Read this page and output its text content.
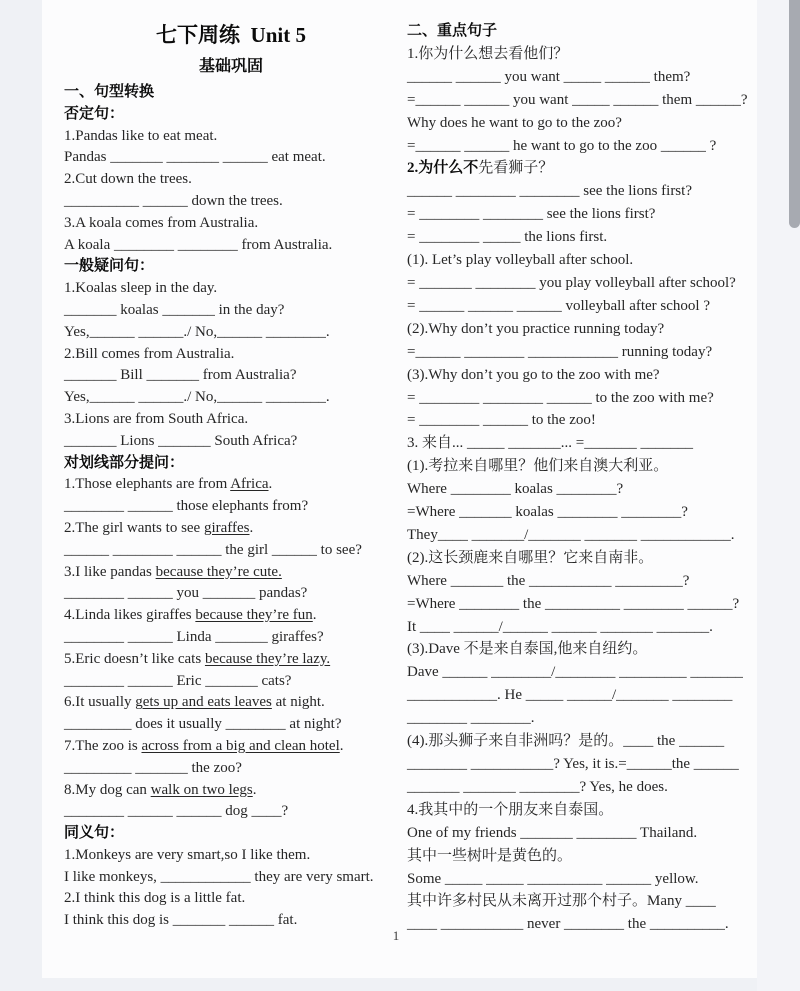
七下周练  Unit 5
基础巩固
一、句型转换
否定句：
1.Pandas like to eat meat.
Pandas _______ _______ ______ eat meat.
2.Cut down the trees.
__________ ______ down the trees.
3.A koala comes from Australia.
A koala ________ ________ from Australia.
一般疑问句：
1.Koalas sleep in the day.
_______ koalas _______ in the day?
Yes,______ ______./ No,______ ________.
2.Bill comes from Australia.
_______ Bill _______ from Australia?
Yes,______ ______./ No,______ ________.
3.Lions are from South Africa.
_______ Lions _______ South Africa?
对划线部分提问：
1.Those elephants are from Africa.
________ ______ those elephants from?
2.The girl wants to see giraffes.
______ ________ ______ the girl ______ to see?
3.I like pandas because they’re cute.
________ ______ you _______ pandas?
4.Linda likes giraffes because they’re fun.
________ ______ Linda _______ giraffes?
5.Eric doesn’t like cats because they’re lazy.
________ ______ Eric _______ cats?
6.It usually gets up and eats leaves at night.
_________ does it usually ________ at night?
7.The zoo is across from a big and clean hotel.
_________ _______ the zoo?
8.My dog can walk on two legs.
________ ______ ______ dog ____?
同义句：
1.Monkeys are very smart,so I like them.
I like monkeys, ____________ they are very smart.
2.I think this dog is a little fat.
I think this dog is _______ ______ fat.
二、重点句子
1.你为什么想去看他们？
______ ______ you want _____ ______ them?
=______ ______ you want _____ ______ them ______?
Why does he want to go to the zoo?
=______ ______ he want to go to the zoo ______ ?
2.为什么不先看狮子？
______ ________ ________ see the lions first?
= ________ ________ see the lions first?
= ________ _____ the lions first.
(1). Let’s play volleyball after school.
= _______ ________ you play volleyball after school?
= ______ ______ ______ volleyball after school ?
(2).Why don’t you practice running today?
=______ ________ ____________ running today?
(3).Why don’t you go to the zoo with me?
= ________ ________ ______ to the zoo with me?
= ________ ______ to the zoo!
3. 来自... _____ _______... =_______ _______
(1).考拉来自哪里？他们来自澳大利亚。
Where ________ koalas ________?
=Where _______ koalas ________ ________?
They____ _______/_______ _______ ____________.
(2).这长颈鹿来自哪里？它来自南非。
Where _______ the ___________ _________?
=Where ________ the __________ ________ ______?
It ____ ______/______ ______ _______ _______.
(3).Dave 不是来自泰国,他来自纽约。
Dave ______ ________/________ _________ _______
____________. He _____ ______/_______ ________
________ ________.
(4).那头狮子来自非洲吗？是的。____ the ______
________ ___________? Yes, it is.=______the ______
_______ _______ ________? Yes, he does.
4.我其中的一个朋友来自泰国。
One of my friends _______ ________ Thailand.
其中一些树叶是黄色的。
Some _____ _____ __________ ______ yellow.
其中许多村民从未离开过那个村子。Many ____
____ ___________ never ________ the __________.
1
